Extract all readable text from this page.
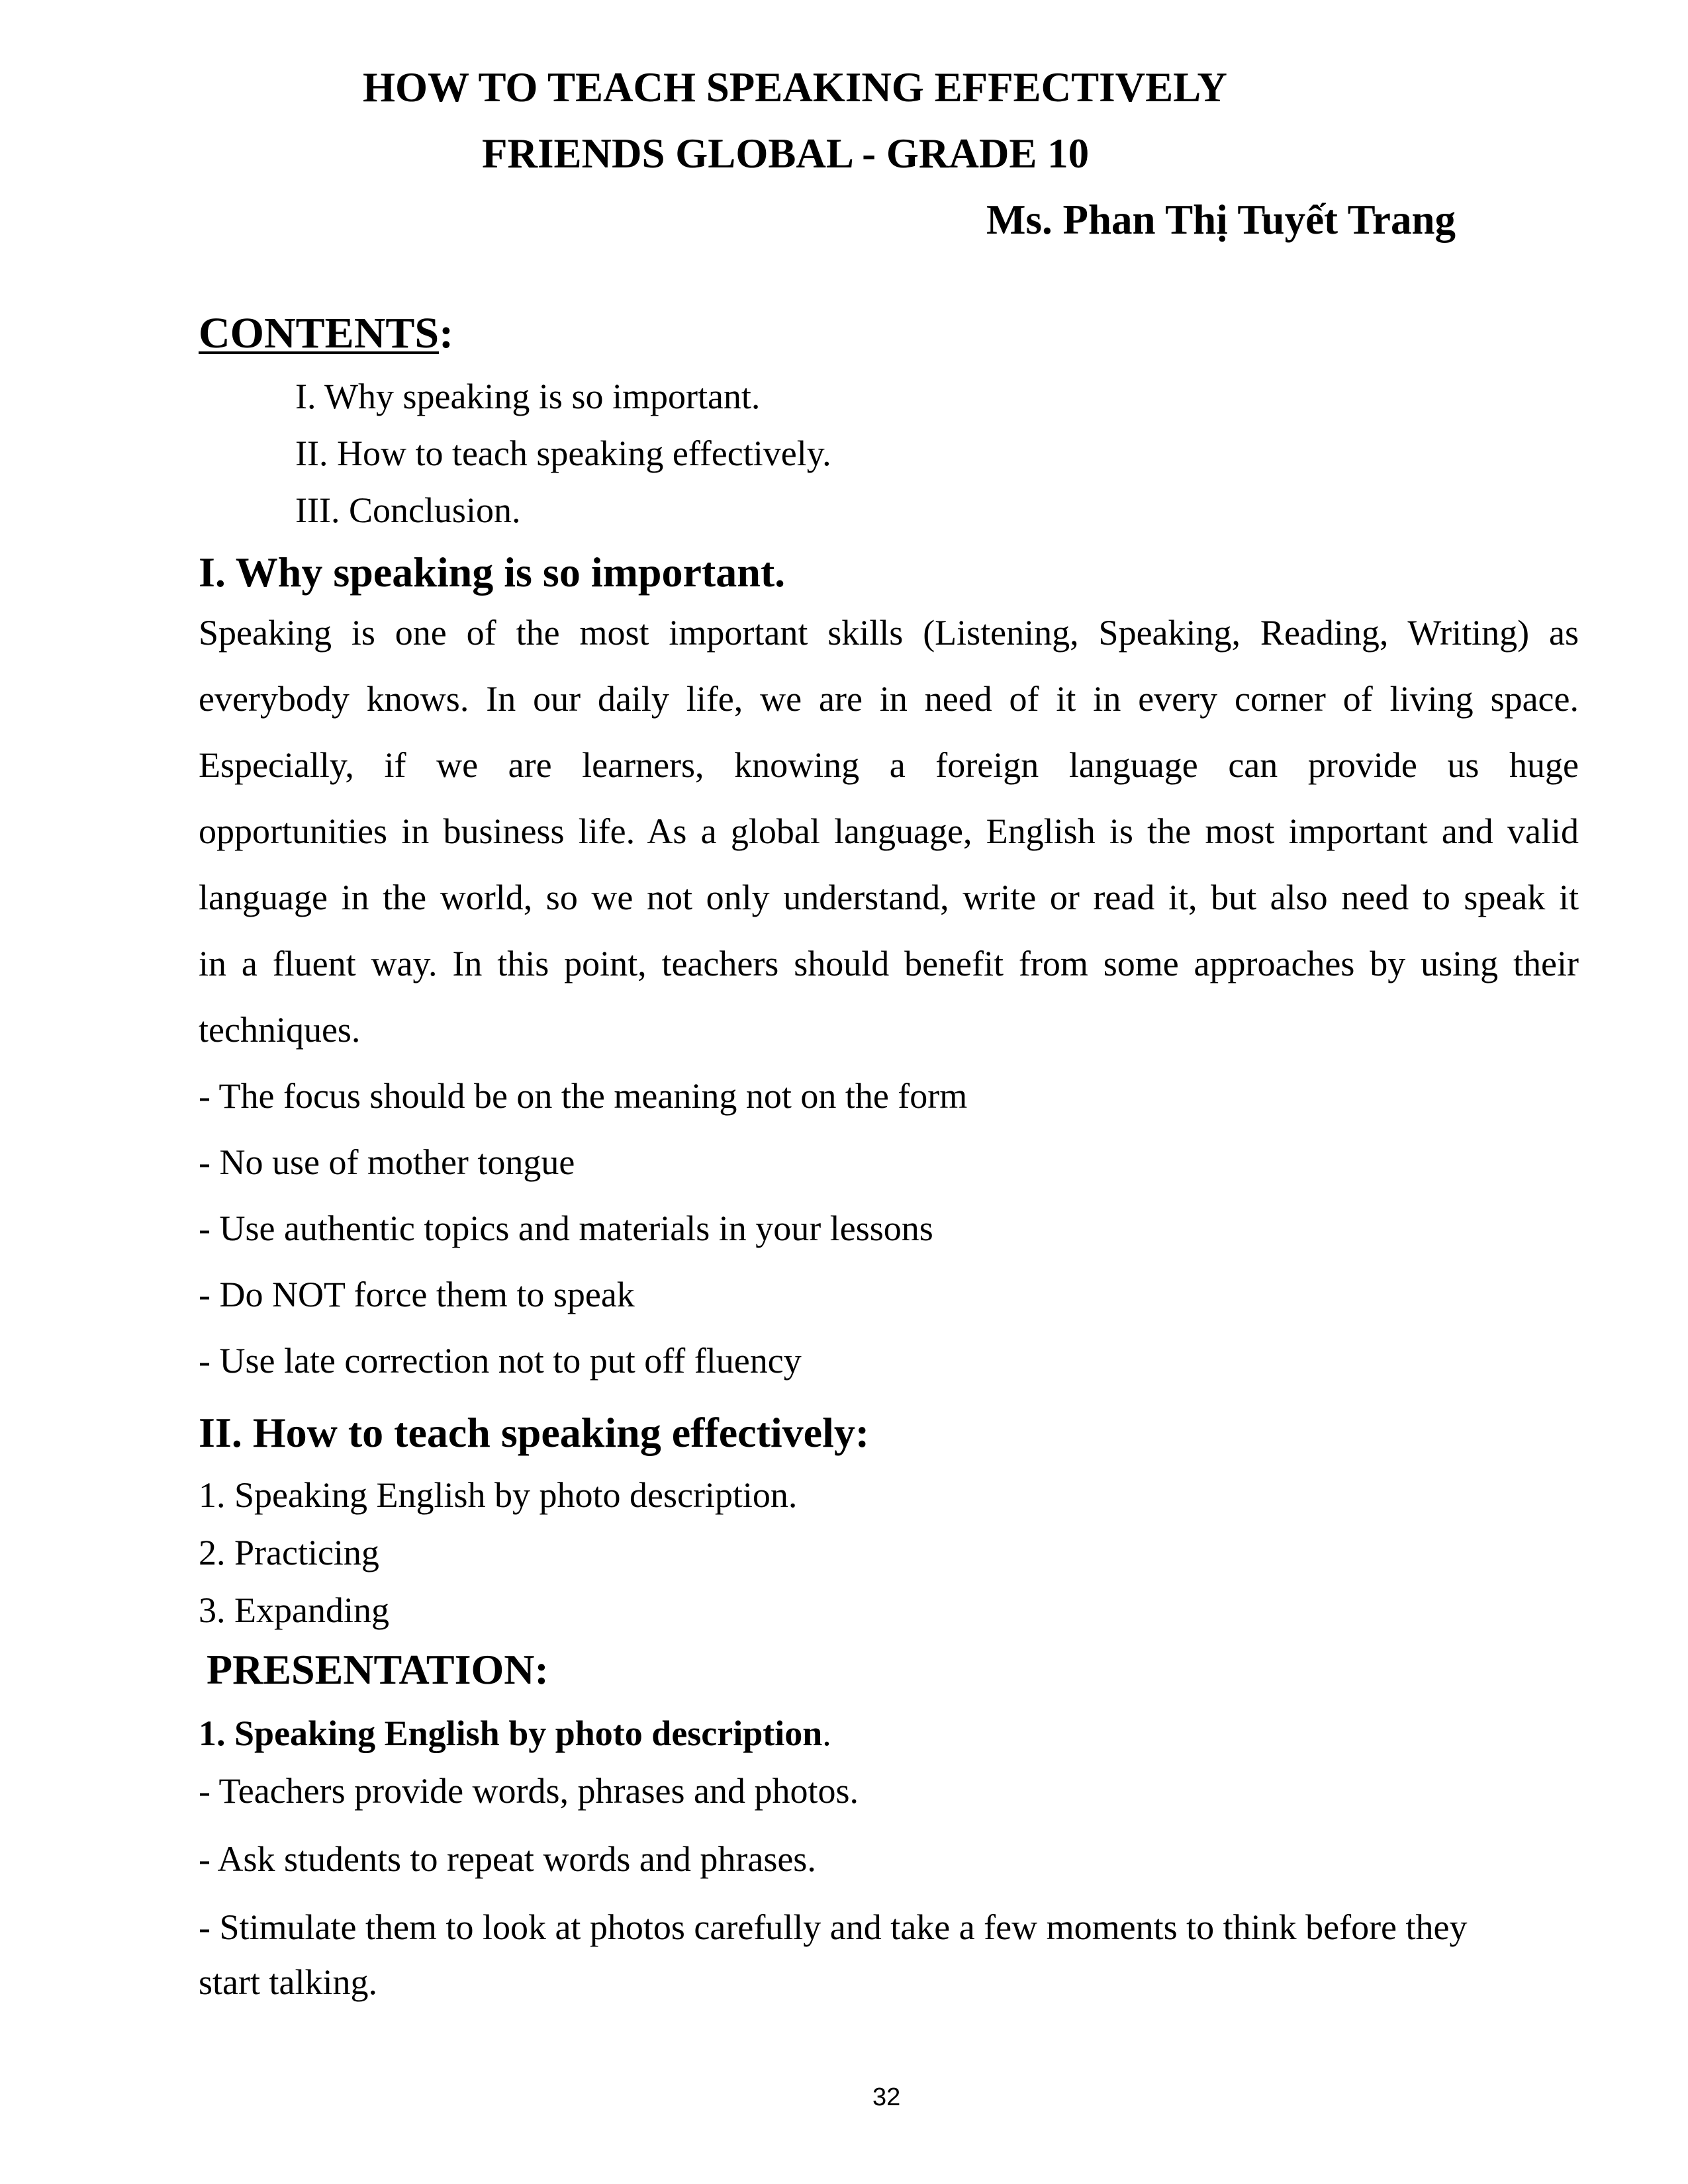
HOW TO TEACH SPEAKING EFFECTIVELY
FRIENDS GLOBAL - GRADE 10
Ms. Phan Thị Tuyết Trang
CONTENTS:
I. Why speaking is so important.
II. How to teach speaking effectively.
III. Conclusion.
I. Why speaking is so important.
Speaking is one of the most important skills (Listening, Speaking, Reading, Writing) as
everybody knows. In our daily life, we are in need of it in every corner of living space.
Especially, if we are learners, knowing a foreign language can provide us huge
opportunities in business life. As a global language, English is the most important and valid
language in the world, so we not only understand, write or read it, but also need to speak it
in a fluent way. In this point, teachers should benefit from some approaches by using their
techniques.
- The focus should be on the meaning not on the form
- No use of mother tongue
- Use authentic topics and materials in your lessons
- Do NOT force them to speak
- Use late correction not to put off fluency
II. How to teach speaking effectively:
1. Speaking English by photo description.
2. Practicing
3. Expanding
PRESENTATION:
1. Speaking English by photo description.
- Teachers provide words, phrases and photos.
- Ask students to repeat words and phrases.
- Stimulate them to look at photos carefully and take a few moments to think before they
start talking.
32
